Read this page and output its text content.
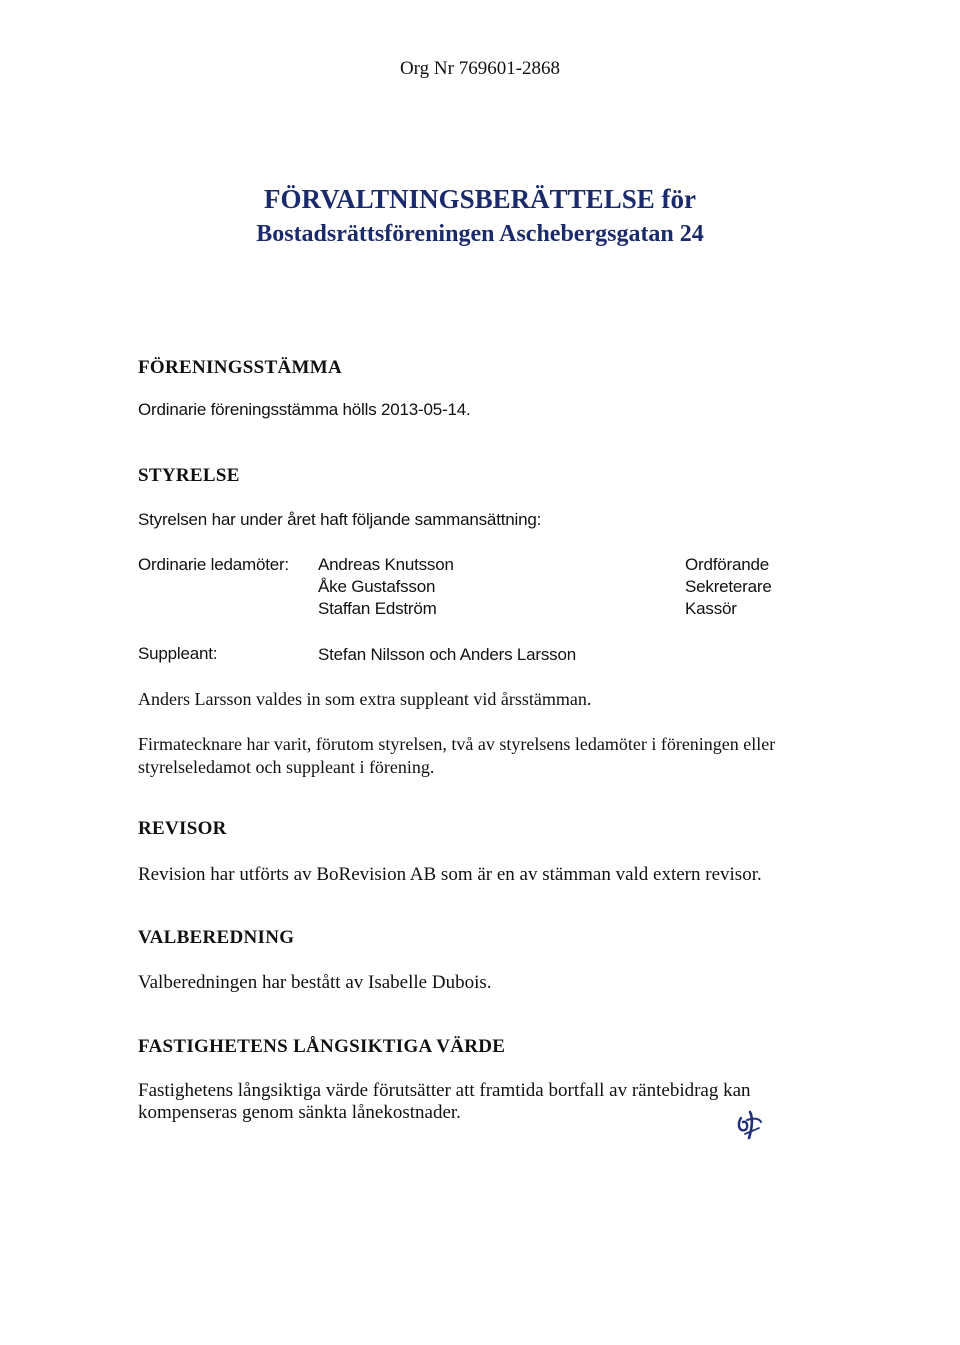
Org Nr 769601-2868
FÖRVALTNINGSBERÄTTELSE för
Bostadsrättsföreningen Aschebergsgatan 24
FÖRENINGSSTÄMMA
Ordinarie föreningsstämma hölls 2013-05-14.
STYRELSE
Styrelsen har under året haft följande sammansättning:
Ordinarie ledamöter: Andreas Knutsson
Åke Gustafsson
Staffan Edström
Ordförande
Sekreterare
Kassör
Suppleant:	Stefan Nilsson och Anders Larsson
Anders Larsson valdes in som extra suppleant vid årsstämman.
Firmatecknare har varit, förutom styrelsen, två av styrelsens ledamöter i föreningen eller
styrelseledamot och suppleant i förening.
REVISOR
Revision har utförts av BoRevision AB som är en av stämman vald extern revisor.
VALBEREDNING
Valberedningen har bestått av Isabelle Dubois.
FASTIGHETENS LÅNGSIKTIGA VÄRDE
Fastighetens långsiktiga värde förutsätter att framtida bortfall av räntebidrag kan
kompenseras genom sänkta lånekostnader.
